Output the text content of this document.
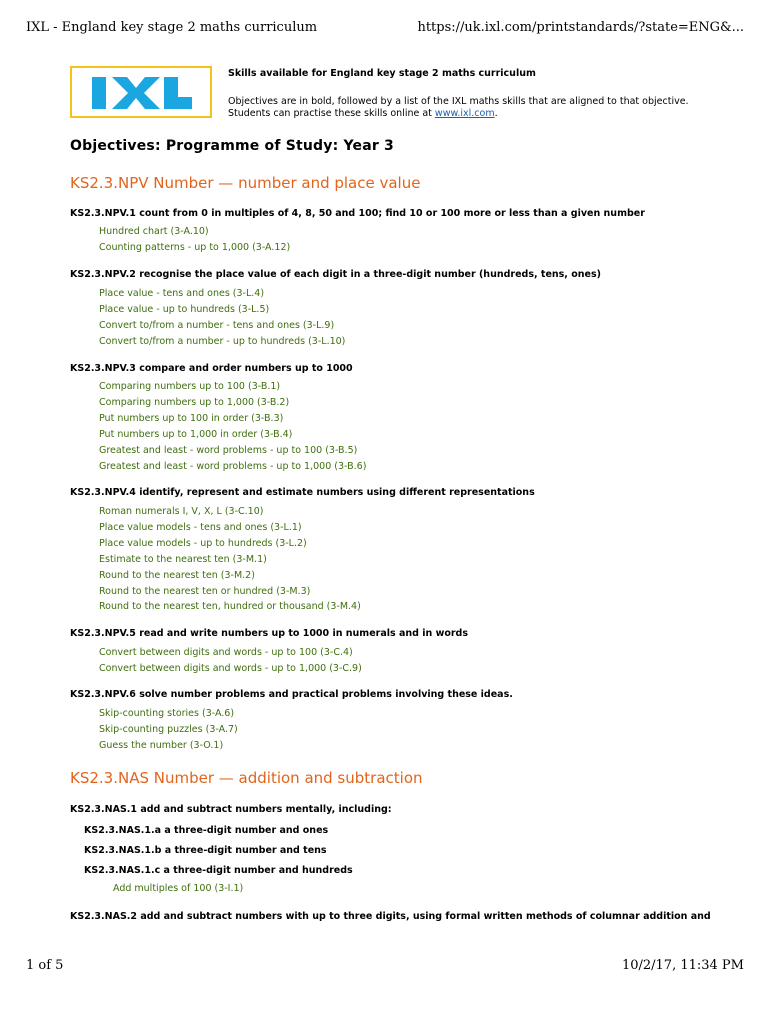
IXL - England key stage 2 maths curriculum	https://uk.ixl.com/printstandards/?state=ENG&...
Skills available for England key stage 2 maths curriculum
Objectives are in bold, followed by a list of the IXL maths skills that are aligned to that objective.
Students can practise these skills online at www.ixl.com.
Objectives: Programme of Study: Year 3
KS2.3.NPV Number — number and place value
KS2.3.NPV.1 count from 0 in multiples of 4, 8, 50 and 100; find 10 or 100 more or less than a given number
Hundred chart (3-A.10)
Counting patterns - up to 1,000 (3-A.12)
KS2.3.NPV.2 recognise the place value of each digit in a three-digit number (hundreds, tens, ones)
Place value - tens and ones (3-L.4)
Place value - up to hundreds (3-L.5)
Convert to/from a number - tens and ones (3-L.9)
Convert to/from a number - up to hundreds (3-L.10)
KS2.3.NPV.3 compare and order numbers up to 1000
Comparing numbers up to 100 (3-B.1)
Comparing numbers up to 1,000 (3-B.2)
Put numbers up to 100 in order (3-B.3)
Put numbers up to 1,000 in order (3-B.4)
Greatest and least - word problems - up to 100 (3-B.5)
Greatest and least - word problems - up to 1,000 (3-B.6)
KS2.3.NPV.4 identify, represent and estimate numbers using different representations
Roman numerals I, V, X, L (3-C.10)
Place value models - tens and ones (3-L.1)
Place value models - up to hundreds (3-L.2)
Estimate to the nearest ten (3-M.1)
Round to the nearest ten (3-M.2)
Round to the nearest ten or hundred (3-M.3)
Round to the nearest ten, hundred or thousand (3-M.4)
KS2.3.NPV.5 read and write numbers up to 1000 in numerals and in words
Convert between digits and words - up to 100 (3-C.4)
Convert between digits and words - up to 1,000 (3-C.9)
KS2.3.NPV.6 solve number problems and practical problems involving these ideas.
Skip-counting stories (3-A.6)
Skip-counting puzzles (3-A.7)
Guess the number (3-O.1)
KS2.3.NAS Number — addition and subtraction
KS2.3.NAS.1 add and subtract numbers mentally, including:
KS2.3.NAS.1.a a three-digit number and ones
KS2.3.NAS.1.b a three-digit number and tens
KS2.3.NAS.1.c a three-digit number and hundreds
Add multiples of 100 (3-I.1)
KS2.3.NAS.2 add and subtract numbers with up to three digits, using formal written methods of columnar addition and
1 of 5	10/2/17, 11:34 PM
